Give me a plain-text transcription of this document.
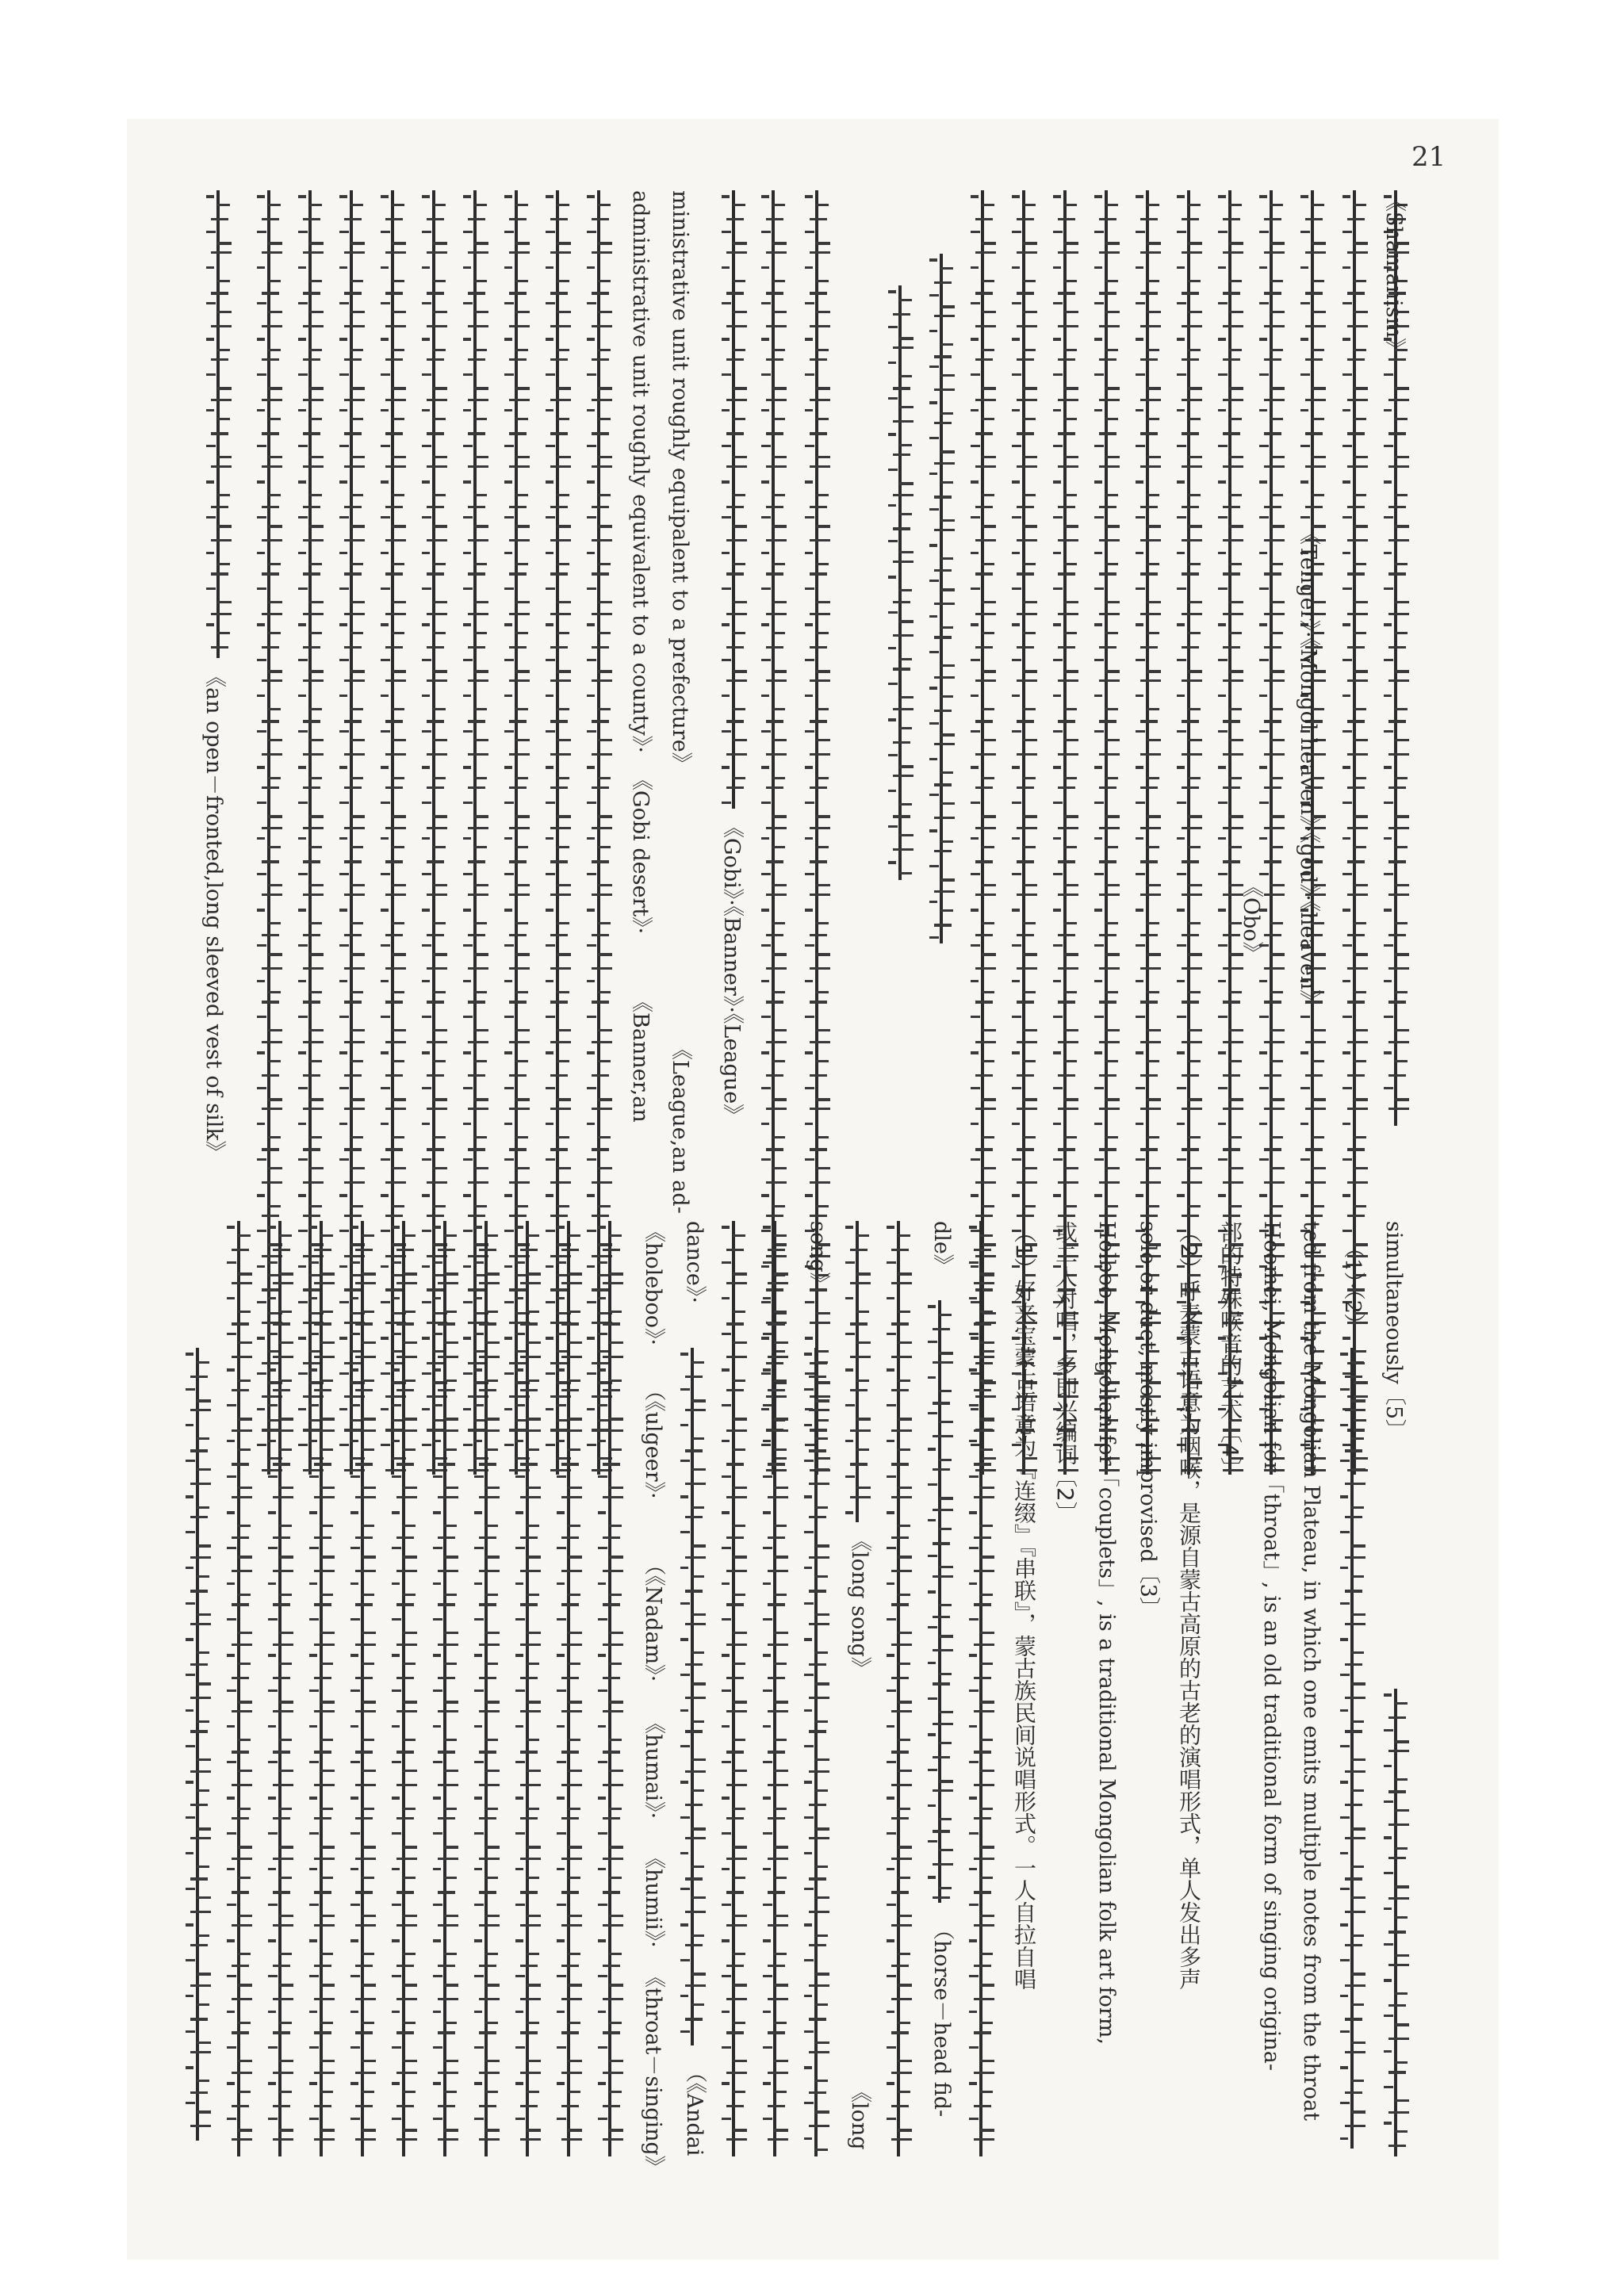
21
《Shamanism》
《Tenger》·《Mongol heaven》·《god》·《heaven》
《Obo》
《Gobi》·《Banner》·《League》
ministrative unit roughly equipalent to a prefecture》
《League,an ad-
administrative unit roughly equivalent to a county》·
《Gobi desert》·
《Banner,an
《an open－fronted,long sleeved vest of silk》
simultaneously〔5〕
（1）·（2）
ted from the Mongolian Plateau, in which one emits multiple notes from the throat
Hoomei, Mongolian for「throat」, is an old traditional form of singing origina-
部的特殊喉音的艺术〔4〕
（2）呼麦蒙古语意为咽喉，是源自蒙古高原的古老的演唱形式，单人发出多声
solo or duet, mostly improvised〔3〕
Holboo, Mongolian for「couplets」, is a traditional Mongolian folk art form,
或二人对唱，多即兴编词〔2〕
（1）好来宝蒙古语意为『连缀』『串联』，蒙古族民间说唱形式。一人自拉自唱
dle》
（horse－head fid-
《long song》
《long
song》
dance》·
（《Andai
《holeboo》·
（《ulgeer》·
（《Nadam》·
《humai》·
《humii》·
《throat－singing》
